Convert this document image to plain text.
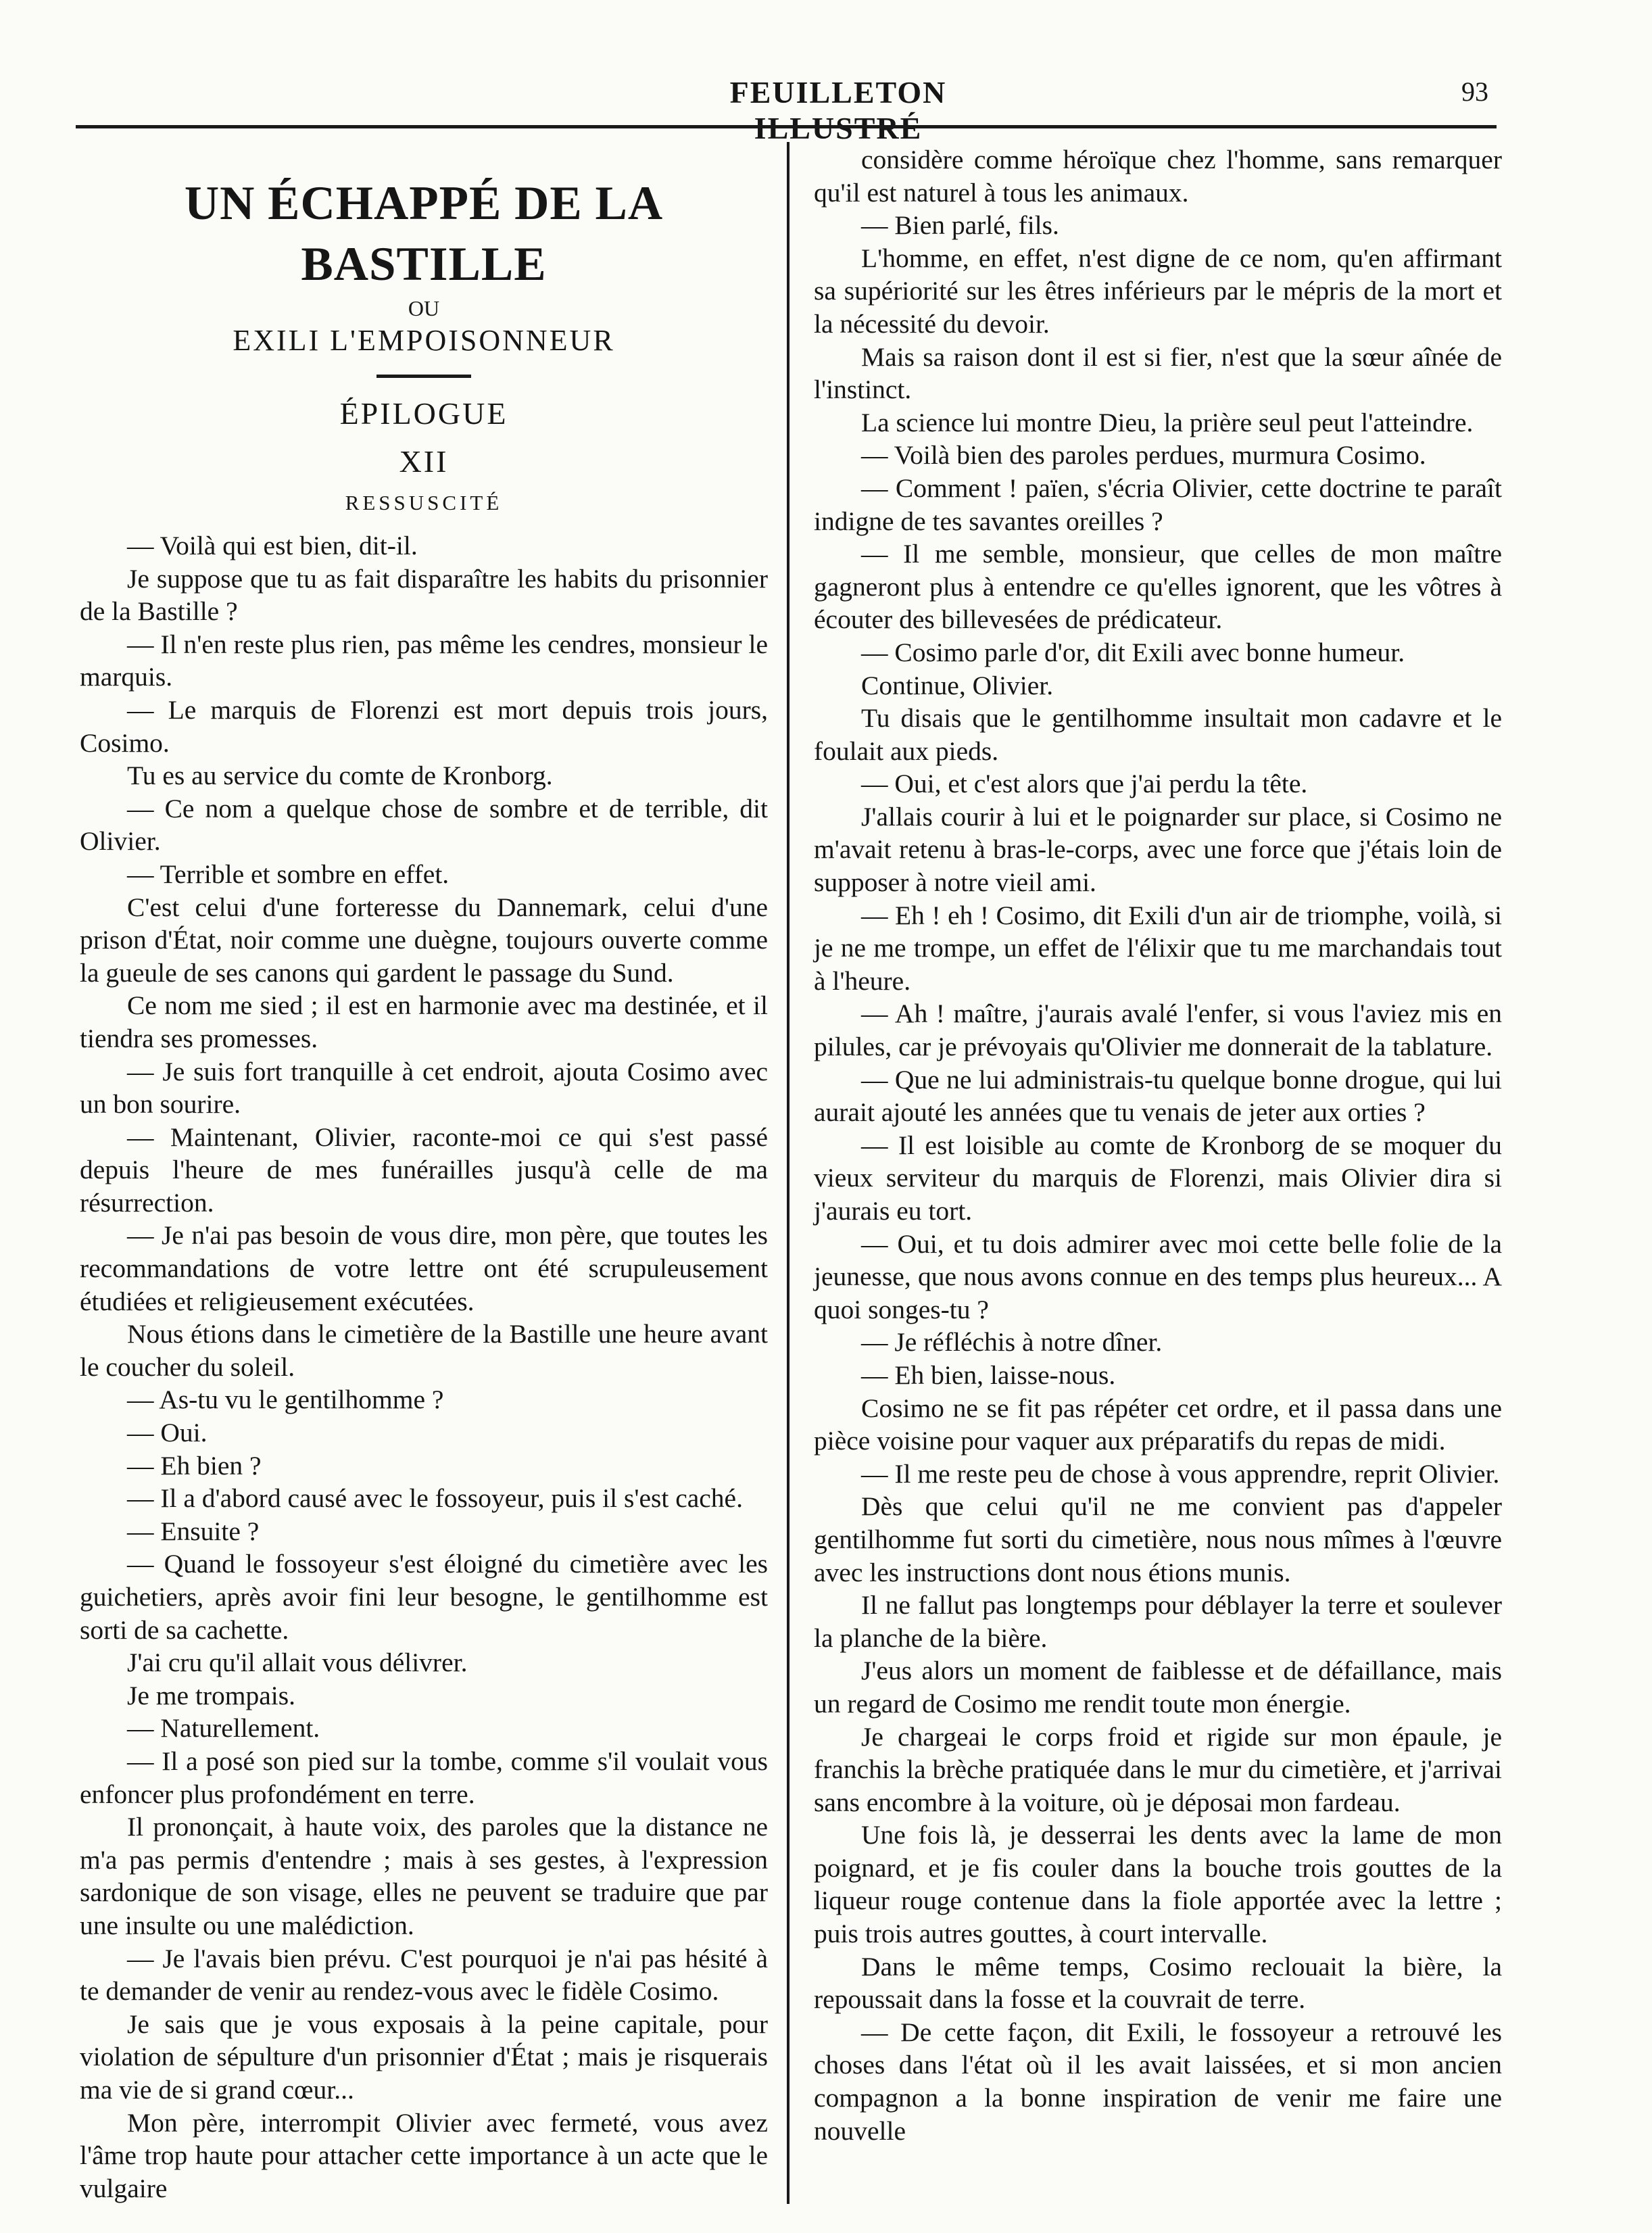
FEUILLETON ILLUSTRÉ
93
UN ÉCHAPPÉ DE LA BASTILLE
OU
EXILI L'EMPOISONNEUR
ÉPILOGUE
XII
RESSUSCITÉ

— Voilà qui est bien, dit-il.

Je suppose que tu as fait disparaître les habits du prisonnier de la Bastille ?

— Il n'en reste plus rien, pas même les cendres, monsieur le marquis.

— Le marquis de Florenzi est mort depuis trois jours, Cosimo.

Tu es au service du comte de Kronborg.

— Ce nom a quelque chose de sombre et de terrible, dit Olivier.

— Terrible et sombre en effet.

C'est celui d'une forteresse du Dannemark, celui d'une prison d'État, noir comme une duègne, toujours ouverte comme la gueule de ses canons qui gardent le passage du Sund.

Ce nom me sied ; il est en harmonie avec ma destinée, et il tiendra ses promesses.

— Je suis fort tranquille à cet endroit, ajouta Cosimo avec un bon sourire.

— Maintenant, Olivier, raconte-moi ce qui s'est passé depuis l'heure de mes funérailles jusqu'à celle de ma résurrection.

— Je n'ai pas besoin de vous dire, mon père, que toutes les recommandations de votre lettre ont été scrupuleusement étudiées et religieusement exécutées.

Nous étions dans le cimetière de la Bastille une heure avant le coucher du soleil.

— As-tu vu le gentilhomme ?

— Oui.

— Eh bien ?

— Il a d'abord causé avec le fossoyeur, puis il s'est caché.

— Ensuite ?

— Quand le fossoyeur s'est éloigné du cimetière avec les guichetiers, après avoir fini leur besogne, le gentilhomme est sorti de sa cachette.

J'ai cru qu'il allait vous délivrer.

Je me trompais.

— Naturellement.

— Il a posé son pied sur la tombe, comme s'il voulait vous enfoncer plus profondément en terre.

Il prononçait, à haute voix, des paroles que la distance ne m'a pas permis d'entendre ; mais à ses gestes, à l'expression sardonique de son visage, elles ne peuvent se traduire que par une insulte ou une malédiction.

— Je l'avais bien prévu. C'est pourquoi je n'ai pas hésité à te demander de venir au rendez-vous avec le fidèle Cosimo.

Je sais que je vous exposais à la peine capitale, pour violation de sépulture d'un prisonnier d'État ; mais je risquerais ma vie de si grand cœur...

Mon père, interrompit Olivier avec fermeté, vous avez l'âme trop haute pour attacher cette importance à un acte que le vulgaire

considère comme héroïque chez l'homme, sans remarquer qu'il est naturel à tous les animaux.

— Bien parlé, fils.

L'homme, en effet, n'est digne de ce nom, qu'en affirmant sa supériorité sur les êtres inférieurs par le mépris de la mort et la nécessité du devoir.

Mais sa raison dont il est si fier, n'est que la sœur aînée de l'instinct.

La science lui montre Dieu, la prière seul peut l'atteindre.

— Voilà bien des paroles perdues, murmura Cosimo.

— Comment ! païen, s'écria Olivier, cette doctrine te paraît indigne de tes savantes oreilles ?

— Il me semble, monsieur, que celles de mon maître gagneront plus à entendre ce qu'elles ignorent, que les vôtres à écouter des billevesées de prédicateur.

— Cosimo parle d'or, dit Exili avec bonne humeur.

Continue, Olivier.

Tu disais que le gentilhomme insultait mon cadavre et le foulait aux pieds.

— Oui, et c'est alors que j'ai perdu la tête.

J'allais courir à lui et le poignarder sur place, si Cosimo ne m'avait retenu à bras-le-corps, avec une force que j'étais loin de supposer à notre vieil ami.

— Eh ! eh ! Cosimo, dit Exili d'un air de triomphe, voilà, si je ne me trompe, un effet de l'élixir que tu me marchandais tout à l'heure.

— Ah ! maître, j'aurais avalé l'enfer, si vous l'aviez mis en pilules, car je prévoyais qu'Olivier me donnerait de la tablature.

— Que ne lui administrais-tu quelque bonne drogue, qui lui aurait ajouté les années que tu venais de jeter aux orties ?

— Il est loisible au comte de Kronborg de se moquer du vieux serviteur du marquis de Florenzi, mais Olivier dira si j'aurais eu tort.

— Oui, et tu dois admirer avec moi cette belle folie de la jeunesse, que nous avons connue en des temps plus heureux... A quoi songes-tu ?

— Je réfléchis à notre dîner.

— Eh bien, laisse-nous.

Cosimo ne se fit pas répéter cet ordre, et il passa dans une pièce voisine pour vaquer aux préparatifs du repas de midi.

— Il me reste peu de chose à vous apprendre, reprit Olivier.

Dès que celui qu'il ne me convient pas d'appeler gentilhomme fut sorti du cimetière, nous nous mîmes à l'œuvre avec les instructions dont nous étions munis.

Il ne fallut pas longtemps pour déblayer la terre et soulever la planche de la bière.

J'eus alors un moment de faiblesse et de défaillance, mais un regard de Cosimo me rendit toute mon énergie.

Je chargeai le corps froid et rigide sur mon épaule, je franchis la brèche pratiquée dans le mur du cimetière, et j'arrivai sans encombre à la voiture, où je déposai mon fardeau.

Une fois là, je desserrai les dents avec la lame de mon poignard, et je fis couler dans la bouche trois gouttes de la liqueur rouge contenue dans la fiole apportée avec la lettre ; puis trois autres gouttes, à court intervalle.

Dans le même temps, Cosimo reclouait la bière, la repoussait dans la fosse et la couvrait de terre.

— De cette façon, dit Exili, le fossoyeur a retrouvé les choses dans l'état où il les avait laissées, et si mon ancien compagnon a la bonne inspiration de venir me faire une nouvelle
